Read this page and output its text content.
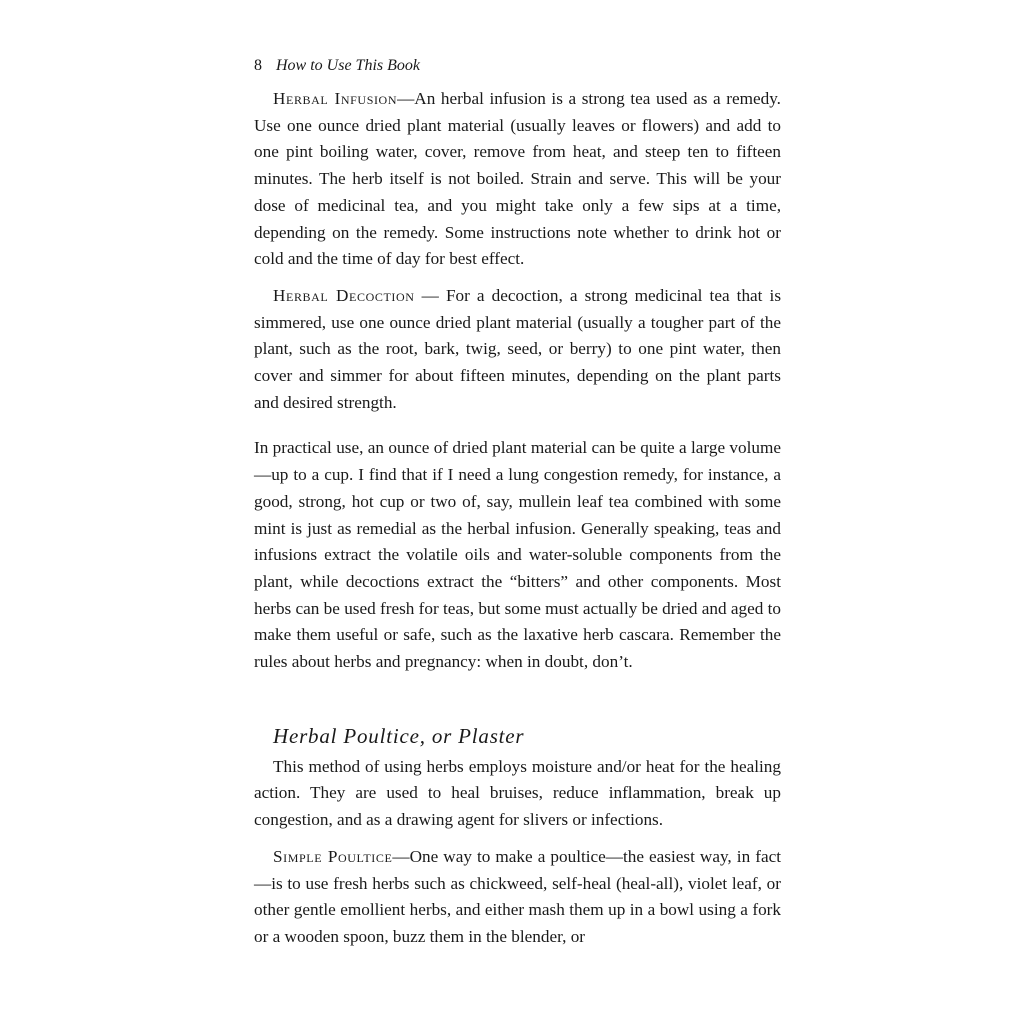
8 How to Use This Book

Herbal Infusion—An herbal infusion is a strong tea used as a remedy. Use one ounce dried plant material (usually leaves or flowers) and add to one pint boiling water, cover, remove from heat, and steep ten to fifteen minutes. The herb itself is not boiled. Strain and serve. This will be your dose of medicinal tea, and you might take only a few sips at a time, depending on the remedy. Some instructions note whether to drink hot or cold and the time of day for best effect.

Herbal Decoction — For a decoction, a strong medicinal tea that is simmered, use one ounce dried plant material (usually a tougher part of the plant, such as the root, bark, twig, seed, or berry) to one pint water, then cover and simmer for about fifteen minutes, depending on the plant parts and desired strength.

In practical use, an ounce of dried plant material can be quite a large volume—up to a cup. I find that if I need a lung congestion remedy, for instance, a good, strong, hot cup or two of, say, mullein leaf tea combined with some mint is just as remedial as the herbal infusion. Generally speaking, teas and infusions extract the volatile oils and water-soluble components from the plant, while decoctions extract the “bitters” and other components. Most herbs can be used fresh for teas, but some must actually be dried and aged to make them useful or safe, such as the laxative herb cascara. Remember the rules about herbs and pregnancy: when in doubt, don’t.

Herbal Poultice, or Plaster

This method of using herbs employs moisture and/or heat for the healing action. They are used to heal bruises, reduce inflammation, break up congestion, and as a drawing agent for slivers or infections.

Simple Poultice—One way to make a poultice—the easiest way, in fact—is to use fresh herbs such as chickweed, self-heal (heal-all), violet leaf, or other gentle emollient herbs, and either mash them up in a bowl using a fork or a wooden spoon, buzz them in the blender, or
